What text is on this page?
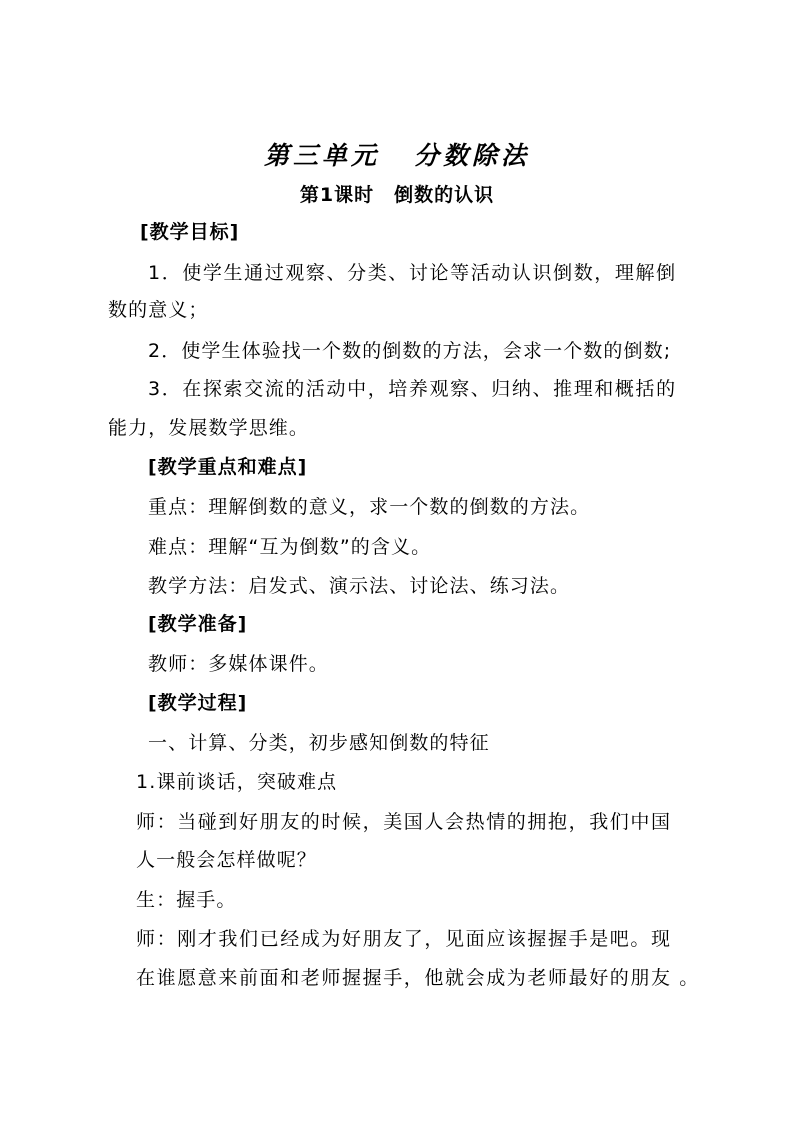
第三单元 分数除法
第1课时 倒数的认识
[教学目标]
1．使学生通过观察、分类、讨论等活动认识倒数，理解倒
数的意义；
2．使学生体验找一个数的倒数的方法，会求一个数的倒数;
3．在探索交流的活动中，培养观察、归纳、推理和概括的
能力，发展数学思维。
[教学重点和难点]
重点：理解倒数的意义，求一个数的倒数的方法。
难点：理解“互为倒数”的含义。
教学方法：启发式、演示法、讨论法、练习法。
[教学准备]
教师：多媒体课件。
[教学过程]
一、计算、分类，初步感知倒数的特征
1.课前谈话，突破难点
师：当碰到好朋友的时候，美国人会热情的拥抱，我们中国
人一般会怎样做呢？
生：握手。
师：刚才我们已经成为好朋友了，见面应该握握手是吧。现
在谁愿意来前面和老师握握手，他就会成为老师最好的朋友 。
